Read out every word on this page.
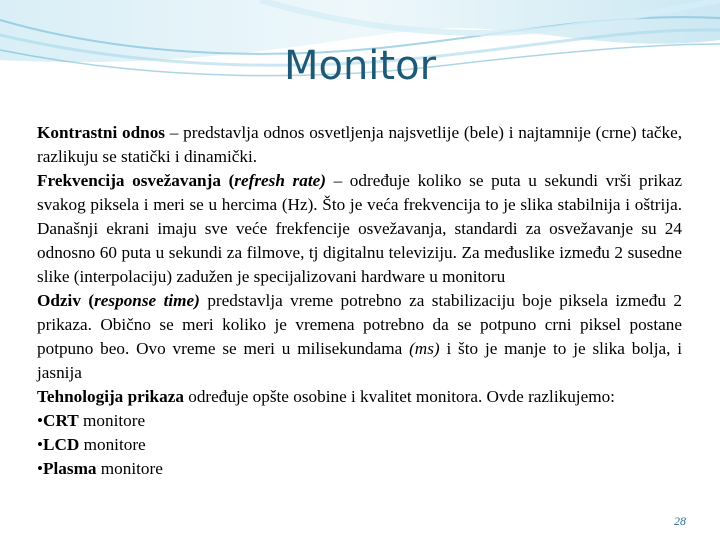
Monitor

Kontrastni odnos – predstavlja odnos osvetljenja najsvetlije (bele) i najtamnije (crne) tačke, razlikuju se statički i dinamički.

Frekvencija osvežavanja (refresh rate) – određuje koliko se puta u sekundi vrši prikaz svakog piksela i meri se u hercima (Hz). Što je veća frekvencija to je slika stabilnija i oštrija. Današnji ekrani imaju sve veće frekfencije osvežavanja, standardi za osvežavanje su 24 odnosno 60 puta u sekundi za filmove, tj digitalnu televiziju. Za međuslike između 2 susedne slike (interpolaciju) zadužen je specijalizovani hardware u monitoru

Odziv (response time) predstavlja vreme potrebno za stabilizaciju boje piksela između 2 prikaza. Obično se meri koliko je vremena potrebno da se potpuno crni piksel postane potpuno beo. Ovo vreme se meri u milisekundama (ms) i što je manje to je slika bolja, i jasnija

Tehnologija prikaza određuje opšte osobine i kvalitet monitora. Ovde razlikujemo:

•CRT monitore
•LCD monitore
•Plasma monitore
28
